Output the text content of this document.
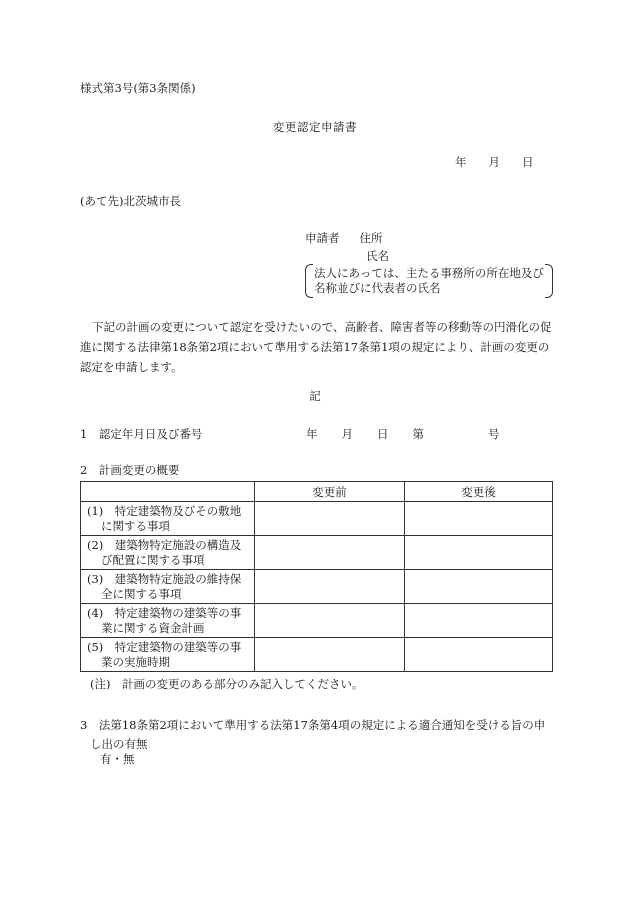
様式第3号(第3条関係)
変更認定申請書
年 月 日
(あて先)北茨城市長
申請者 住所
氏名
法人にあっては、主たる事務所の所在地及び名称並びに代表者の氏名
下記の計画の変更について認定を受けたいので、高齢者、障害者等の移動等の円滑化の促進に関する法律第18条第2項において準用する法第17条第1項の規定により、計画の変更の認定を申請します。
記
1　認定年月日及び番号	年 月 日 第	号
2　計画変更の概要
	変更前	変更後

(1)　特定建築物及びその敷地
に関する事項		

(2)　建築物特定施設の構造及
び配置に関する事項		

(3)　建築物特定施設の維持保
全に関する事項		

(4)　特定建築物の建築等の事
業に関する資金計画		

(5)　特定建築物の建築等の事
業の実施時期		

(注)　計画の変更のある部分のみ記入してください。
3　法第18条第2項において準用する法第17条第4項の規定による適合通知を受ける旨の申
し出の有無
有・無
